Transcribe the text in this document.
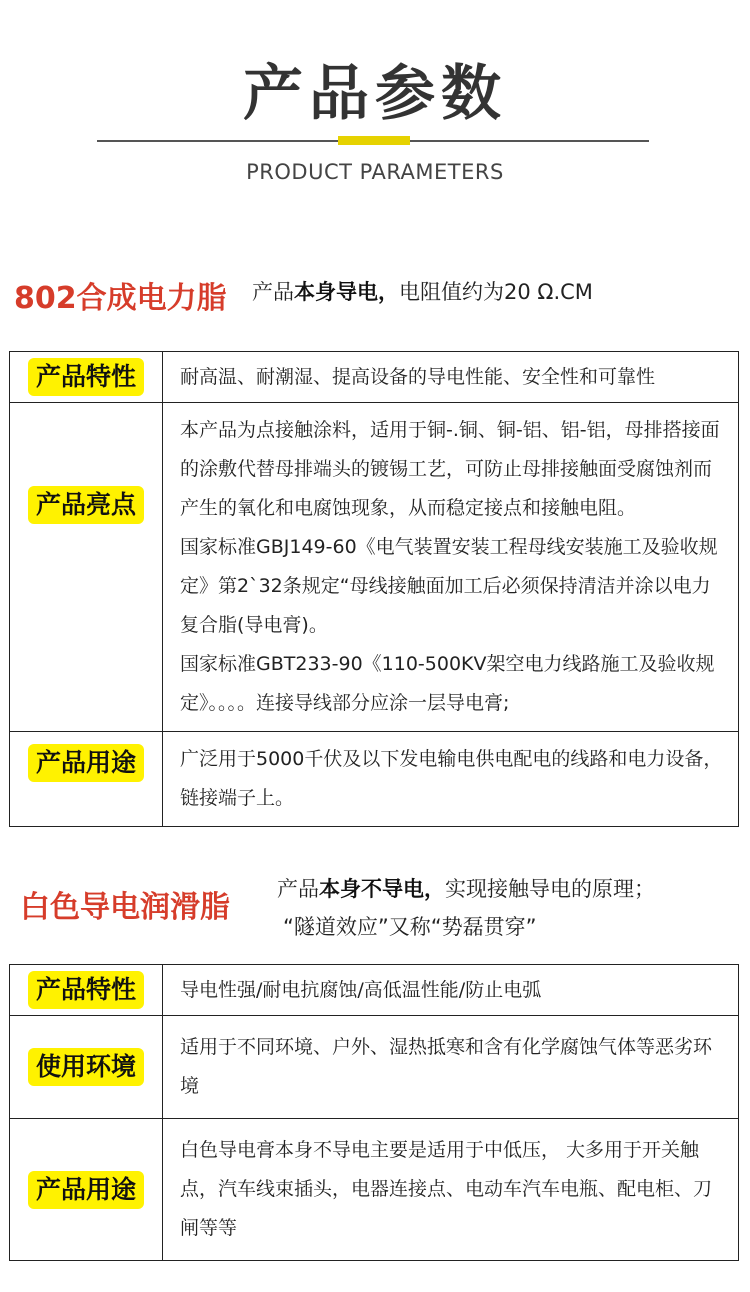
产品参数
PRODUCT PARAMETERS
802合成电力脂 产品本身导电，电阻值约为20 Ω.CM
产品特性	耐高温、耐潮湿、提高设备的导电性能、安全性和可靠性

产品亮点	本产品为点接触涂料，适用于铜-.铜、铜-铝、铝-铝，母排搭接面的涂敷代替母排端头的镀锡工艺，可防止母排接触面受腐蚀剂而产生的氧化和电腐蚀现象，从而稳定接点和接触电阻。
国家标准GBJ149-60《电气装置安装工程母线安装施工及验收规定》第2`32条规定“母线接触面加工后必须保持清洁并涂以电力复合脂(导电膏)。
国家标准GBT233-90《110-500KV架空电力线路施工及验收规定》。。。。连接导线部分应涂一层导电膏;

产品用途	广泛用于5000千伏及以下发电输电供电配电的线路和电力设备，链接端子上。
白色导电润滑脂
产品本身不导电，实现接触导电的原理；
“隧道效应”又称“势磊贯穿”
产品特性	导电性强/耐电抗腐蚀/高低温性能/防止电弧

使用环境	适用于不同环境、户外、湿热抵寒和含有化学腐蚀气体等恶劣环境

产品用途	白色导电膏本身不导电主要是适用于中低压， 大多用于开关触点，汽车线束插头，电器连接点、电动车汽车电瓶、配电柜、刀闸等等
